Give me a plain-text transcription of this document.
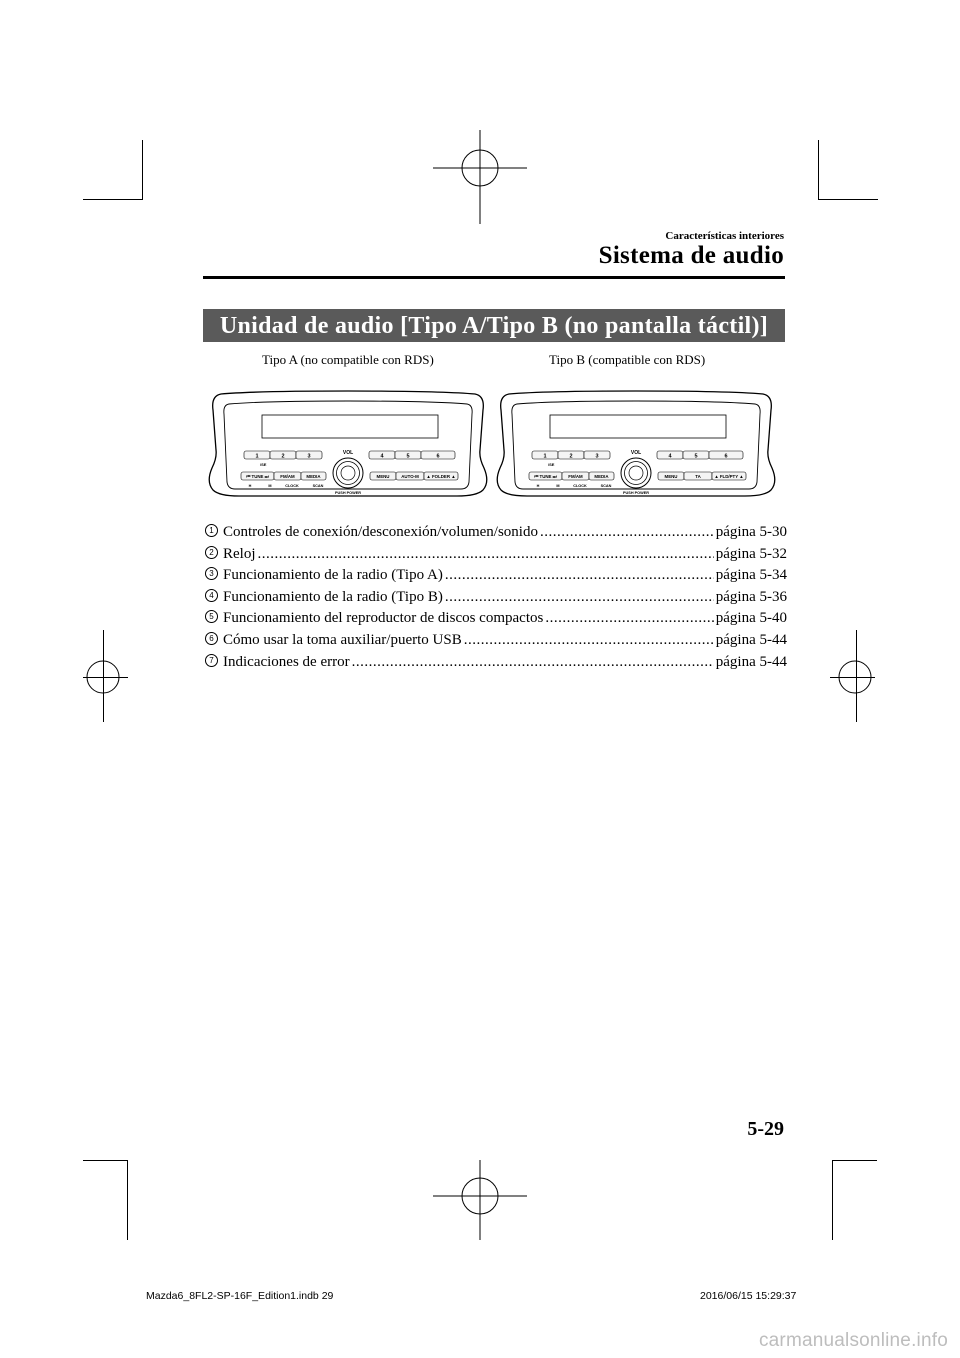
Características interiores
Sistema de audio
Unidad de audio [Tipo A/Tipo B (no pantalla táctil)]
Tipo A (no compatible con RDS)	Tipo B (compatible con RDS)
1	2	3
/SE
4	5	6
VOL
⏮ TUNE ⏭	FM/AM	MEDIA	MENU	AUTO-M ▲ FOLDER ▲
H	M	CLOCK	SCAN
PUSH POWER
1	2	3
/SE
4	5	6
VOL
⏮ TUNE ⏭	FM/AM	MEDIA	MENU	TA	▲ FLD/PTY ▲
H	M	CLOCK	SCAN
PUSH POWER
1 Controles de conexión/desconexión/volumen/sonido .....	página 5-30
2 Reloj .....	página 5-32
3 Funcionamiento de la radio (Tipo A) .....	página 5-34
4 Funcionamiento de la radio (Tipo B) .....	página 5-36
5 Funcionamiento del reproductor de discos compactos .....	página 5-40
6 Cómo usar la toma auxiliar/puerto USB .....	página 5-44
7 Indicaciones de error .....	página 5-44
5-29
Mazda6_8FL2-SP-16F_Edition1.indb 29	2016/06/15 15:29:37
carmanualsonline.info
